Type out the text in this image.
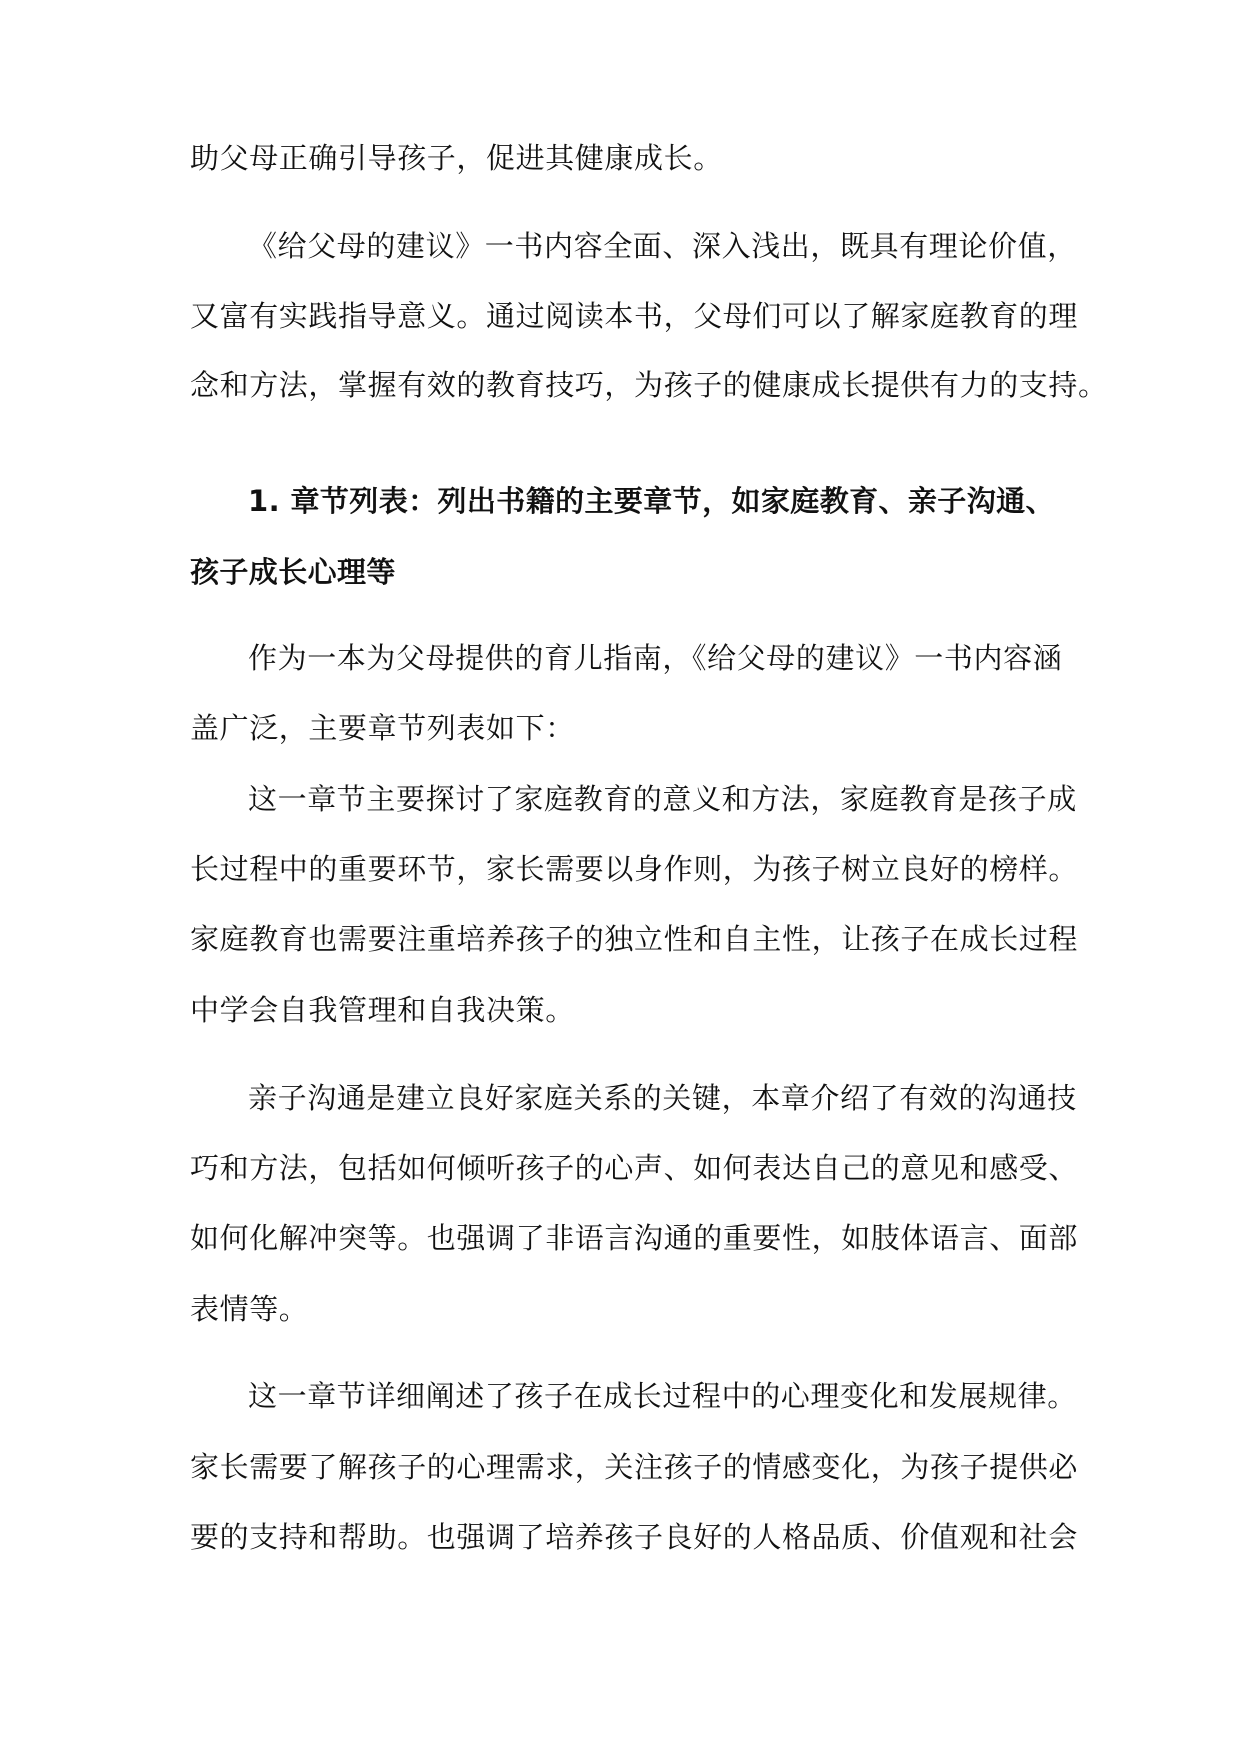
助父母正确引导孩子，促进其健康成长。
《给父母的建议》一书内容全面、深入浅出，既具有理论价值，
又富有实践指导意义。通过阅读本书，父母们可以了解家庭教育的理
念和方法，掌握有效的教育技巧，为孩子的健康成长提供有力的支持。
1. 章节列表：列出书籍的主要章节，如家庭教育、亲子沟通、
孩子成长心理等
作为一本为父母提供的育儿指南，《给父母的建议》一书内容涵
盖广泛，主要章节列表如下：
这一章节主要探讨了家庭教育的意义和方法，家庭教育是孩子成
长过程中的重要环节，家长需要以身作则，为孩子树立良好的榜样。
家庭教育也需要注重培养孩子的独立性和自主性，让孩子在成长过程
中学会自我管理和自我决策。
亲子沟通是建立良好家庭关系的关键，本章介绍了有效的沟通技
巧和方法，包括如何倾听孩子的心声、如何表达自己的意见和感受、
如何化解冲突等。也强调了非语言沟通的重要性，如肢体语言、面部
表情等。
这一章节详细阐述了孩子在成长过程中的心理变化和发展规律。
家长需要了解孩子的心理需求，关注孩子的情感变化，为孩子提供必
要的支持和帮助。也强调了培养孩子良好的人格品质、价值观和社会
